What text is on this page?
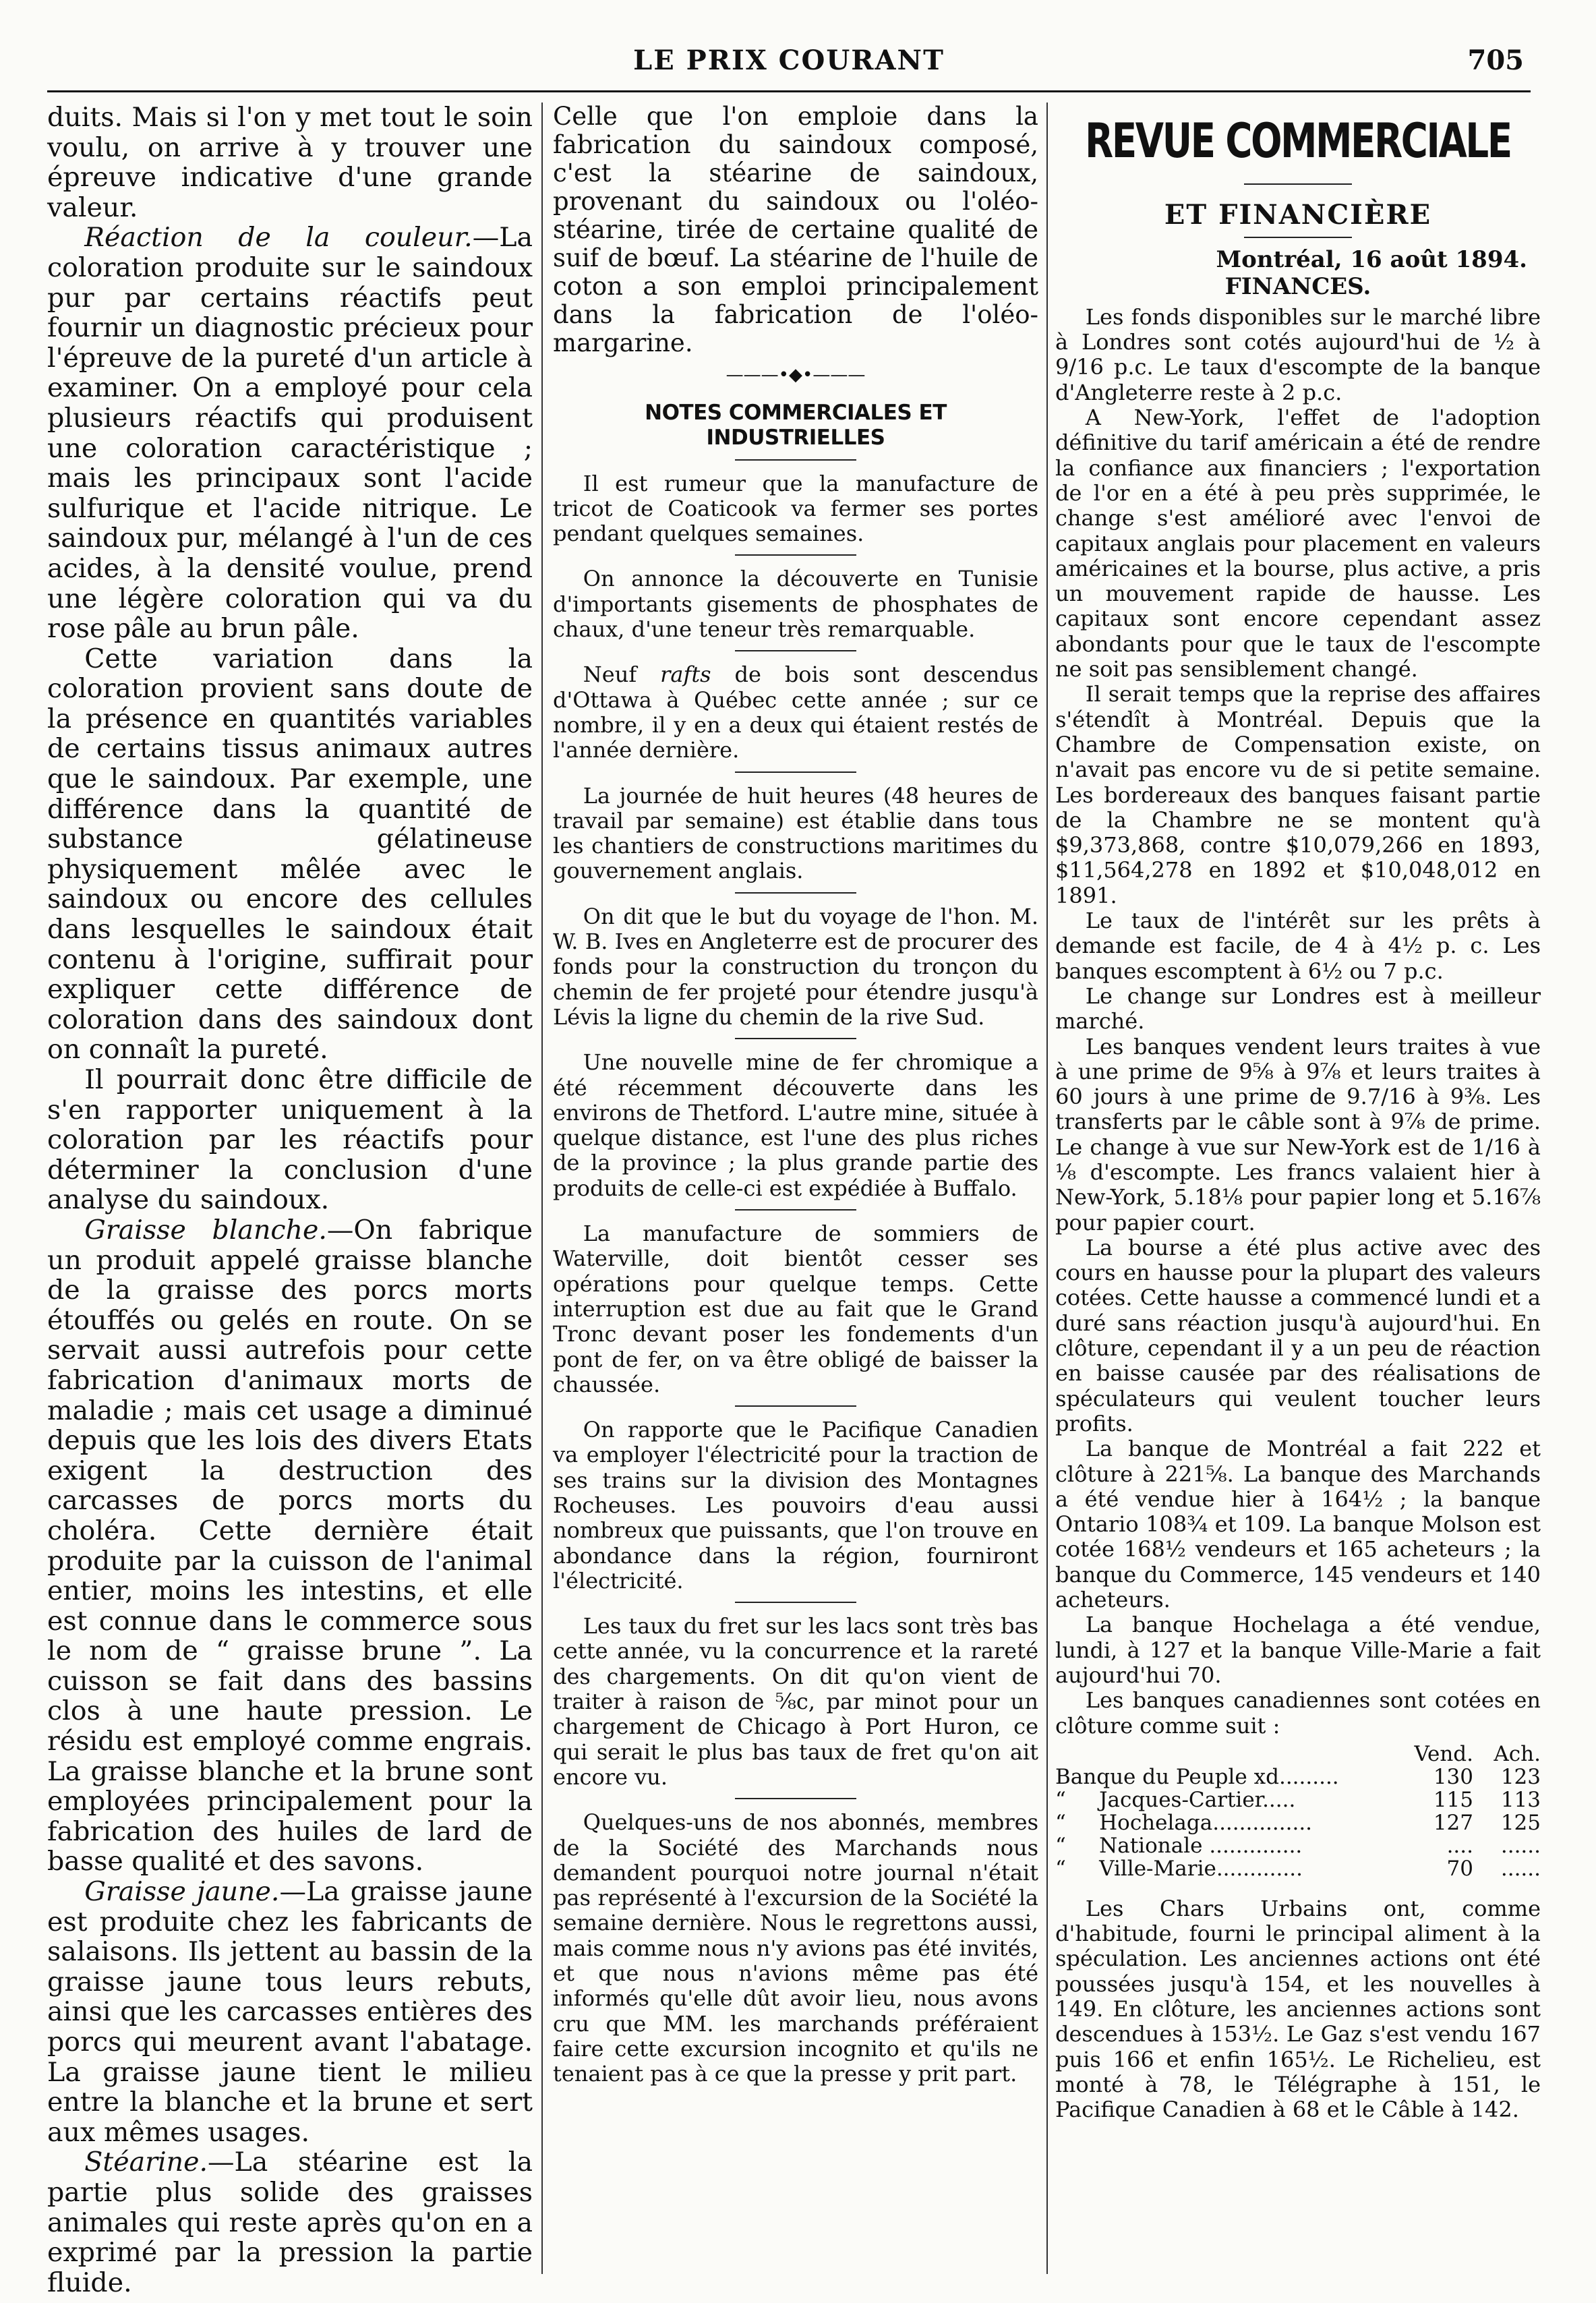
LE PRIX COURANT	705

duits. Mais si l'on y met tout le soin voulu, on arrive à y trouver une épreuve indicative d'une grande valeur.

Réaction de la couleur.—La coloration produite sur le saindoux pur par certains réactifs peut fournir un diagnostic précieux pour l'épreuve de la pureté d'un article à examiner. On a employé pour cela plusieurs réactifs qui produisent une coloration caractéristique ; mais les principaux sont l'acide sulfurique et l'acide nitrique. Le saindoux pur, mélangé à l'un de ces acides, à la densité voulue, prend une légère coloration qui va du rose pâle au brun pâle.

Cette variation dans la coloration provient sans doute de la présence en quantités variables de certains tissus animaux autres que le saindoux. Par exemple, une différence dans la quantité de substance gélatineuse physiquement mêlée avec le saindoux ou encore des cellules dans lesquelles le saindoux était contenu à l'origine, suffirait pour expliquer cette différence de coloration dans des saindoux dont on connaît la pureté.

Il pourrait donc être difficile de s'en rapporter uniquement à la coloration par les réactifs pour déterminer la conclusion d'une analyse du saindoux.

Graisse blanche.—On fabrique un produit appelé graisse blanche de la graisse des porcs morts étouffés ou gelés en route. On se servait aussi autrefois pour cette fabrication d'animaux morts de maladie ; mais cet usage a diminué depuis que les lois des divers Etats exigent la destruction des carcasses de porcs morts du choléra. Cette dernière était produite par la cuisson de l'animal entier, moins les intestins, et elle est connue dans le commerce sous le nom de “ graisse brune ”. La cuisson se fait dans des bassins clos à une haute pression. Le résidu est employé comme engrais. La graisse blanche et la brune sont employées principalement pour la fabrication des huiles de lard de basse qualité et des savons.

Graisse jaune.—La graisse jaune est produite chez les fabricants de salaisons. Ils jettent au bassin de la graisse jaune tous leurs rebuts, ainsi que les carcasses entières des porcs qui meurent avant l'abatage. La graisse jaune tient le milieu entre la blanche et la brune et sert aux mêmes usages.

Stéarine.—La stéarine est la partie plus solide des graisses animales qui reste après qu'on en a exprimé par la pression la partie fluide.

Celle que l'on emploie dans la fabrication du saindoux composé, c'est la stéarine de saindoux, provenant du saindoux ou l'oléo-stéarine, tirée de certaine qualité de suif de bœuf. La stéarine de l'huile de coton a son emploi principalement dans la fabrication de l'oléo-margarine.

———•◆•———
NOTES COMMERCIALES ET INDUSTRIELLES

Il est rumeur que la manufacture de tricot de Coaticook va fermer ses portes pendant quelques semaines.

On annonce la découverte en Tunisie d'importants gisements de phosphates de chaux, d'une teneur très remarquable.

Neuf rafts de bois sont descendus d'Ottawa à Québec cette année ; sur ce nombre, il y en a deux qui étaient restés de l'année dernière.

La journée de huit heures (48 heures de travail par semaine) est établie dans tous les chantiers de constructions maritimes du gouvernement anglais.

On dit que le but du voyage de l'hon. M. W. B. Ives en Angleterre est de procurer des fonds pour la construction du tronçon du chemin de fer projeté pour étendre jusqu'à Lévis la ligne du chemin de la rive Sud.

Une nouvelle mine de fer chromique a été récemment découverte dans les environs de Thetford. L'autre mine, située à quelque distance, est l'une des plus riches de la province ; la plus grande partie des produits de celle-ci est expédiée à Buffalo.

La manufacture de sommiers de Waterville, doit bientôt cesser ses opérations pour quelque temps. Cette interruption est due au fait que le Grand Tronc devant poser les fondements d'un pont de fer, on va être obligé de baisser la chaussée.

On rapporte que le Pacifique Canadien va employer l'électricité pour la traction de ses trains sur la division des Montagnes Rocheuses. Les pouvoirs d'eau aussi nombreux que puissants, que l'on trouve en abondance dans la région, fourniront l'électricité.

Les taux du fret sur les lacs sont très bas cette année, vu la concurrence et la rareté des chargements. On dit qu'on vient de traiter à raison de ⅝c, par minot pour un chargement de Chicago à Port Huron, ce qui serait le plus bas taux de fret qu'on ait encore vu.

Quelques-uns de nos abonnés, membres de la Société des Marchands nous demandent pourquoi notre journal n'était pas représenté à l'excursion de la Société la semaine dernière. Nous le regrettons aussi, mais comme nous n'y avions pas été invités, et que nous n'avions même pas été informés qu'elle dût avoir lieu, nous avons cru que MM. les marchands préféraient faire cette excursion incognito et qu'ils ne tenaient pas à ce que la presse y prit part.

REVUE COMMERCIALE
ET FINANCIÈRE
Montréal, 16 août 1894.
FINANCES.

Les fonds disponibles sur le marché libre à Londres sont cotés aujourd'hui de ½ à 9/16 p.c. Le taux d'escompte de la banque d'Angleterre reste à 2 p.c.

A New-York, l'effet de l'adoption définitive du tarif américain a été de rendre la confiance aux financiers ; l'exportation de l'or en a été à peu près supprimée, le change s'est amélioré avec l'envoi de capitaux anglais pour placement en valeurs américaines et la bourse, plus active, a pris un mouvement rapide de hausse. Les capitaux sont encore cependant assez abondants pour que le taux de l'escompte ne soit pas sensiblement changé.

Il serait temps que la reprise des affaires s'étendît à Montréal. Depuis que la Chambre de Compensation existe, on n'avait pas encore vu de si petite semaine. Les bordereaux des banques faisant partie de la Chambre ne se montent qu'à $9,373,868, contre $10,079,266 en 1893, $11,564,278 en 1892 et $10,048,012 en 1891.

Le taux de l'intérêt sur les prêts à demande est facile, de 4 à 4½ p. c. Les banques escomptent à 6½ ou 7 p.c.

Le change sur Londres est à meilleur marché.

Les banques vendent leurs traites à vue à une prime de 9⅝ à 9⅞ et leurs traites à 60 jours à une prime de 9.7/16 à 9⅜. Les transferts par le câble sont à 9⅞ de prime. Le change à vue sur New-York est de 1/16 à ⅛ d'escompte. Les francs valaient hier à New-York, 5.18⅛ pour papier long et 5.16⅞ pour papier court.

La bourse a été plus active avec des cours en hausse pour la plupart des valeurs cotées. Cette hausse a commencé lundi et a duré sans réaction jusqu'à aujourd'hui. En clôture, cependant il y a un peu de réaction en baisse causée par des réalisations de spéculateurs qui veulent toucher leurs profits.

La banque de Montréal a fait 222 et clôture à 221⅝. La banque des Marchands a été vendue hier à 164½ ; la banque Ontario 108¾ et 109. La banque Molson est cotée 168½ vendeurs et 165 acheteurs ; la banque du Commerce, 145 vendeurs et 140 acheteurs.

La banque Hochelaga a été vendue, lundi, à 127 et la banque Ville-Marie a fait aujourd'hui 70.

Les banques canadiennes sont cotées en clôture comme suit :

	Vend.	Ach.
Banque du Peuple xd.........	130	123
“     Jacques-Cartier.....	115	113
“     Hochelaga...............	127	125
“     Nationale ..............	....	......
“     Ville-Marie.............	70	......

Les Chars Urbains ont, comme d'habitude, fourni le principal aliment à la spéculation. Les anciennes actions ont été poussées jusqu'à 154, et les nouvelles à 149. En clôture, les anciennes actions sont descendues à 153½. Le Gaz s'est vendu 167 puis 166 et enfin 165½. Le Richelieu, est monté à 78, le Télégraphe à 151, le Pacifique Canadien à 68 et le Câble à 142.
